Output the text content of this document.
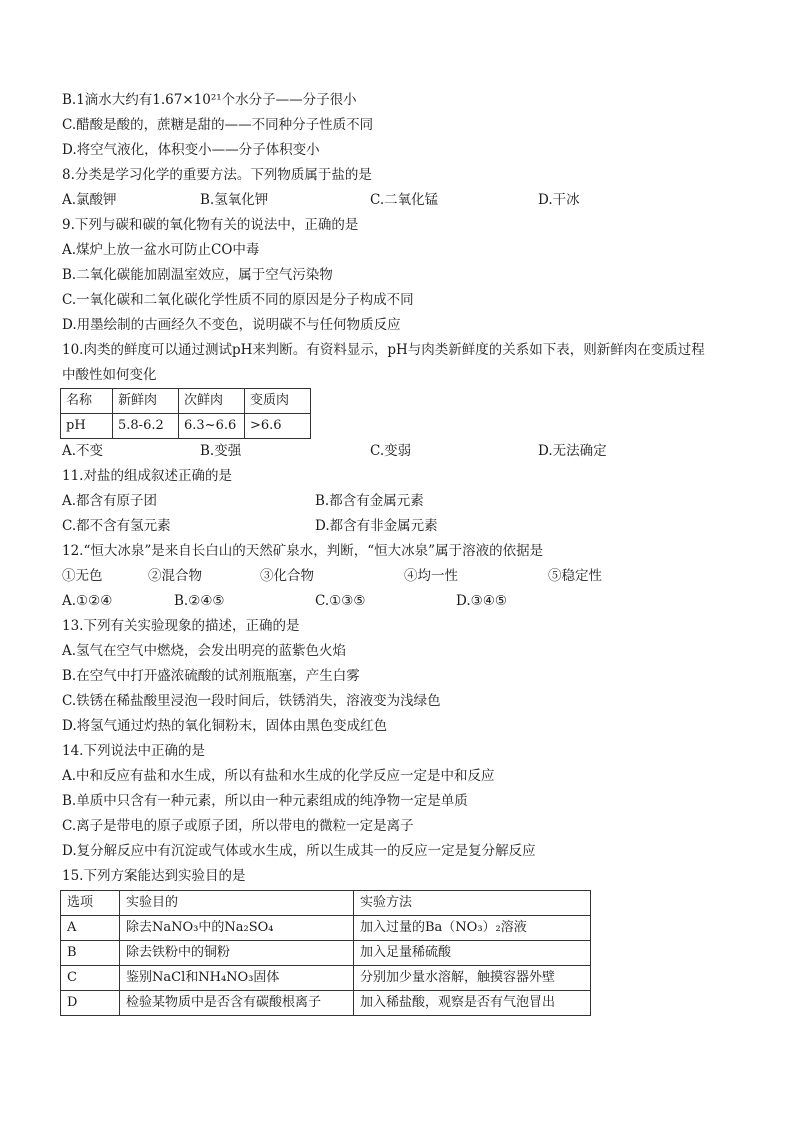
B.1滴水大约有1.67×10²¹个水分子——分子很小
C.醋酸是酸的，蔗糖是甜的——不同种分子性质不同
D.将空气液化，体积变小——分子体积变小
8.分类是学习化学的重要方法。下列物质属于盐的是
A.氯酸钾	B.氢氧化钾	C.二氧化锰	D.干冰
9.下列与碳和碳的氧化物有关的说法中，正确的是
A.煤炉上放一盆水可防止CO中毒
B.二氧化碳能加剧温室效应，属于空气污染物
C.一氧化碳和二氧化碳化学性质不同的原因是分子构成不同
D.用墨绘制的古画经久不变色，说明碳不与任何物质反应
10.肉类的鲜度可以通过测试pH来判断。有资料显示，pH与肉类新鲜度的关系如下表，则新鲜肉在变质过程
中酸性如何变化
名称	新鲜肉	次鲜肉	变质肉
pH	5.8-6.2	6.3~6.6	>6.6
A.不变	B.变强	C.变弱	D.无法确定
11.对盐的组成叙述正确的是
A.都含有原子团	B.都含有金属元素
C.都不含有氢元素	D.都含有非金属元素
12.“恒大冰泉”是来自长白山的天然矿泉水，判断，“恒大冰泉”属于溶液的依据是
①无色	②混合物	③化合物	④均一性	⑤稳定性
A.①②④	B.②④⑤	C.①③⑤	D.③④⑤
13.下列有关实验现象的描述，正确的是
A.氢气在空气中燃烧，会发出明亮的蓝紫色火焰
B.在空气中打开盛浓硫酸的试剂瓶瓶塞，产生白雾
C.铁锈在稀盐酸里浸泡一段时间后，铁锈消失，溶液变为浅绿色
D.将氢气通过灼热的氧化铜粉末，固体由黑色变成红色
14.下列说法中正确的是
A.中和反应有盐和水生成，所以有盐和水生成的化学反应一定是中和反应
B.单质中只含有一种元素，所以由一种元素组成的纯净物一定是单质
C.离子是带电的原子或原子团，所以带电的微粒一定是离子
D.复分解反应中有沉淀或气体或水生成，所以生成其一的反应一定是复分解反应
15.下列方案能达到实验目的是
选项	实验目的	实验方法
A	除去NaNO₃中的Na₂SO₄	加入过量的Ba（NO₃）₂溶液
B	除去铁粉中的铜粉	加入足量稀硫酸
C	鉴别NaCl和NH₄NO₃固体	分别加少量水溶解，触摸容器外壁
D	检验某物质中是否含有碳酸根离子	加入稀盐酸，观察是否有气泡冒出
